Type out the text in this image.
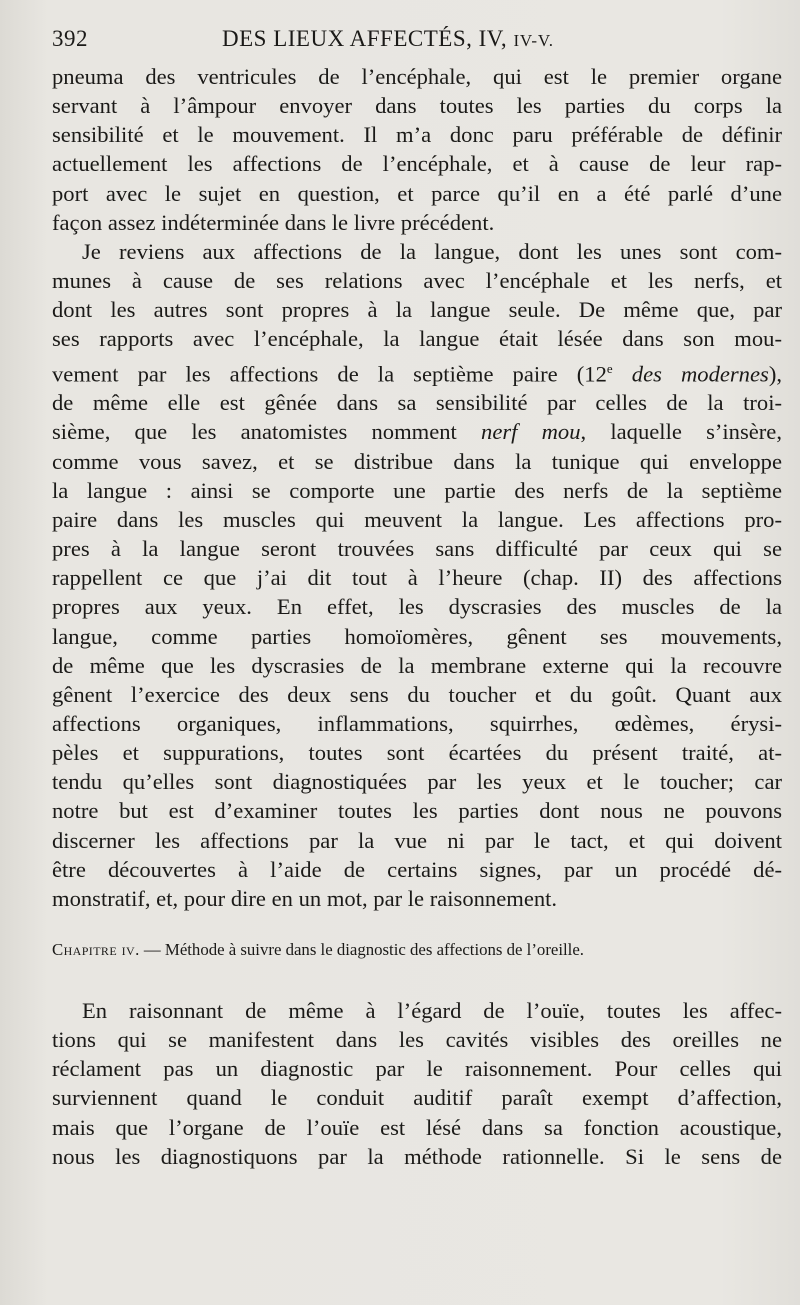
392	DES LIEUX AFFECTÉS, IV, IV-V.
pneuma des ventricules de l’encéphale, qui est le premier organe
servant à l’âmpour envoyer dans toutes les parties du corps la
sensibilité et le mouvement. Il m’a donc paru préférable de définir
actuellement les affections de l’encéphale, et à cause de leur rap-
port avec le sujet en question, et parce qu’il en a été parlé d’une
façon assez indéterminée dans le livre précédent.
Je reviens aux affections de la langue, dont les unes sont com-
munes à cause de ses relations avec l’encéphale et les nerfs, et
dont les autres sont propres à la langue seule. De même que, par
ses rapports avec l’encéphale, la langue était lésée dans son mou-
vement par les affections de la septième paire (12e des modernes),
de même elle est gênée dans sa sensibilité par celles de la troi-
sième, que les anatomistes nomment nerf mou, laquelle s’insère,
comme vous savez, et se distribue dans la tunique qui enveloppe
la langue : ainsi se comporte une partie des nerfs de la septième
paire dans les muscles qui meuvent la langue. Les affections pro-
pres à la langue seront trouvées sans difficulté par ceux qui se
rappellent ce que j’ai dit tout à l’heure (chap. II) des affections
propres aux yeux. En effet, les dyscrasies des muscles de la
langue, comme parties homoïomères, gênent ses mouvements,
de même que les dyscrasies de la membrane externe qui la recouvre
gênent l’exercice des deux sens du toucher et du goût. Quant aux
affections organiques, inflammations, squirrhes, œdèmes, érysi-
pèles et suppurations, toutes sont écartées du présent traité, at-
tendu qu’elles sont diagnostiquées par les yeux et le toucher; car
notre but est d’examiner toutes les parties dont nous ne pouvons
discerner les affections par la vue ni par le tact, et qui doivent
être découvertes à l’aide de certains signes, par un procédé dé-
monstratif, et, pour dire en un mot, par le raisonnement.
Chapitre iv. — Méthode à suivre dans le diagnostic des affections de l’oreille.
En raisonnant de même à l’égard de l’ouïe, toutes les affec-
tions qui se manifestent dans les cavités visibles des oreilles ne
réclament pas un diagnostic par le raisonnement. Pour celles qui
surviennent quand le conduit auditif paraît exempt d’affection,
mais que l’organe de l’ouïe est lésé dans sa fonction acoustique,
nous les diagnostiquons par la méthode rationnelle. Si le sens de
